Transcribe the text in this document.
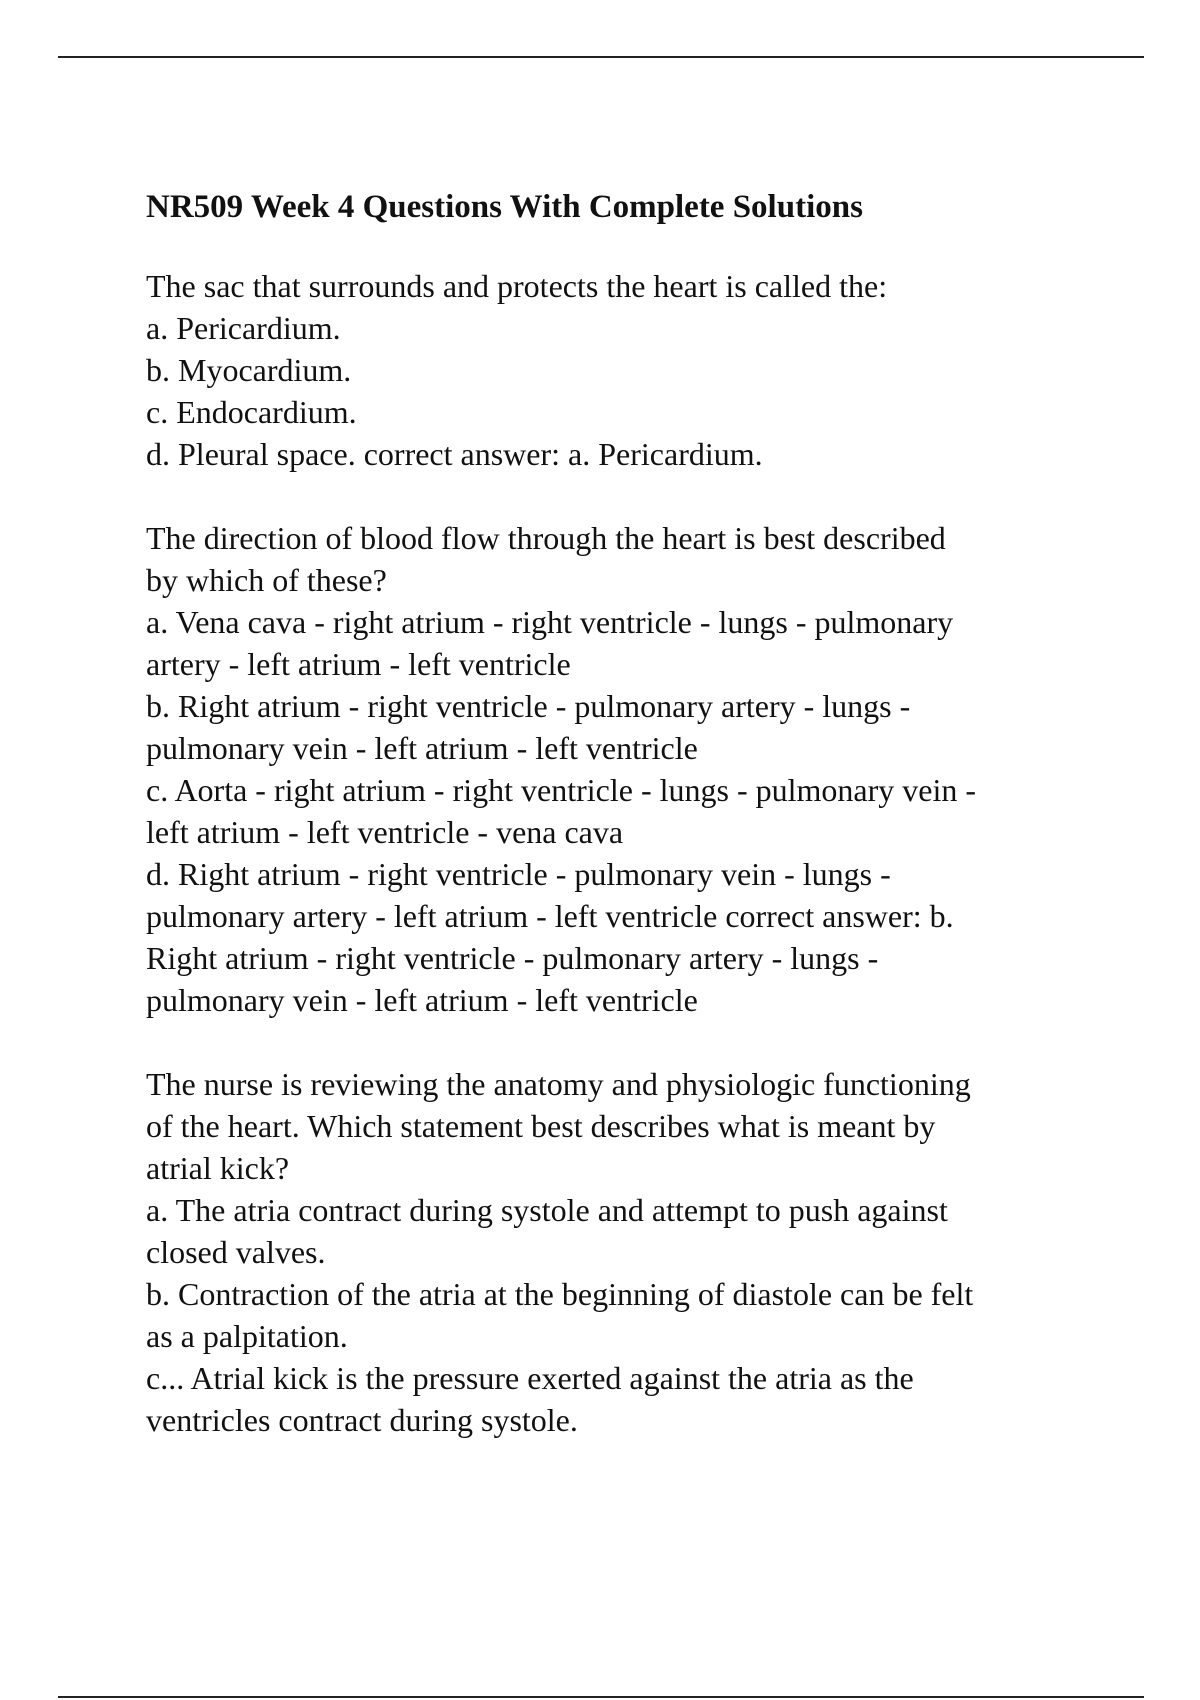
NR509 Week 4 Questions With Complete Solutions
The sac that surrounds and protects the heart is called the:
a. Pericardium.
b. Myocardium.
c. Endocardium.
d. Pleural space. correct answer: a. Pericardium.
The direction of blood flow through the heart is best described
by which of these?
a. Vena cava - right atrium - right ventricle - lungs - pulmonary
artery - left atrium - left ventricle
b. Right atrium - right ventricle - pulmonary artery - lungs -
pulmonary vein - left atrium - left ventricle
c. Aorta - right atrium - right ventricle - lungs - pulmonary vein -
left atrium - left ventricle - vena cava
d. Right atrium - right ventricle - pulmonary vein - lungs -
pulmonary artery - left atrium - left ventricle correct answer: b.
Right atrium - right ventricle - pulmonary artery - lungs -
pulmonary vein - left atrium - left ventricle
The nurse is reviewing the anatomy and physiologic functioning
of the heart. Which statement best describes what is meant by
atrial kick?
a. The atria contract during systole and attempt to push against
closed valves.
b. Contraction of the atria at the beginning of diastole can be felt
as a palpitation.
c... Atrial kick is the pressure exerted against the atria as the
ventricles contract during systole.
